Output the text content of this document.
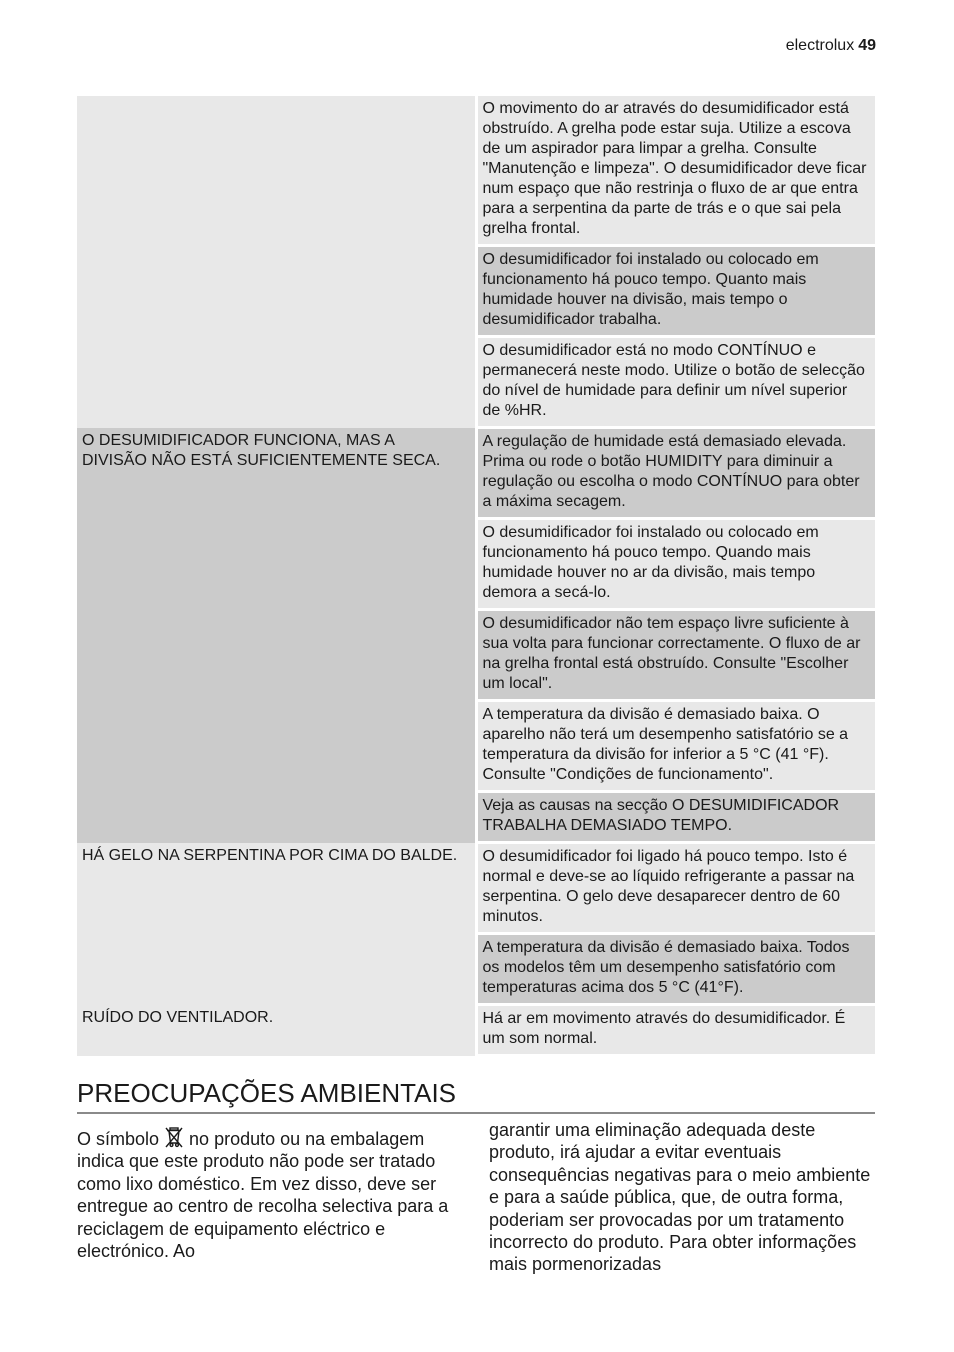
electrolux 49
	O movimento do ar através do desumidificador está obstruído. A grelha pode estar suja. Utilize a escova de um aspirador para limpar a grelha. Consulte "Manutenção e limpeza". O desumidificador deve ficar num espaço que não restrinja o fluxo de ar que entra para a serpentina da parte de trás e o que sai pela grelha frontal.
	O desumidificador foi instalado ou colocado em funcionamento há pouco tempo. Quanto mais humidade houver na divisão, mais tempo o desumidificador trabalha.
	O desumidificador está no modo CONTÍNUO e permanecerá neste modo. Utilize o botão de selecção do nível de humidade para definir um nível superior de %HR.
O DESUMIDIFICADOR FUNCIONA, MAS A DIVISÃO NÃO ESTÁ SUFICIENTEMENTE SECA.	A regulação de humidade está demasiado elevada. Prima ou rode o botão HUMIDITY para diminuir a regulação ou escolha o modo CONTÍNUO para obter a máxima secagem.
	O desumidificador foi instalado ou colocado em funcionamento há pouco tempo. Quando mais humidade houver no ar da divisão, mais tempo demora a secá-lo.
	O desumidificador não tem espaço livre suficiente à sua volta para funcionar correctamente. O fluxo de ar na grelha frontal está obstruído. Consulte "Escolher um local".
	A temperatura da divisão é demasiado baixa. O aparelho não terá um desempenho satisfatório se a temperatura da divisão for inferior a 5 °C (41 °F). Consulte "Condições de funcionamento".
	Veja as causas na secção O DESUMIDIFICADOR TRABALHA DEMASIADO TEMPO.
HÁ GELO NA SERPENTINA POR CIMA DO BALDE.	O desumidificador foi ligado há pouco tempo. Isto é normal e deve-se ao líquido refrigerante a passar na serpentina. O gelo deve desaparecer dentro de 60 minutos.
	A temperatura da divisão é demasiado baixa. Todos os modelos têm um desempenho satisfatório com temperaturas acima dos 5 °C (41°F).
RUÍDO DO VENTILADOR.	Há ar em movimento através do desumidificador. É um som normal.
PREOCUPAÇÕES AMBIENTAIS
O símbolo  no produto ou na embalagem indica que este produto não pode ser tratado como lixo doméstico. Em vez disso, deve ser entregue ao centro de recolha selectiva para a reciclagem de equipamento eléctrico e electrónico. Ao
garantir uma eliminação adequada deste produto, irá ajudar a evitar eventuais consequências negativas para o meio ambiente e para a saúde pública, que, de outra forma, poderiam ser provocadas por um tratamento incorrecto do produto. Para obter informações mais pormenorizadas
